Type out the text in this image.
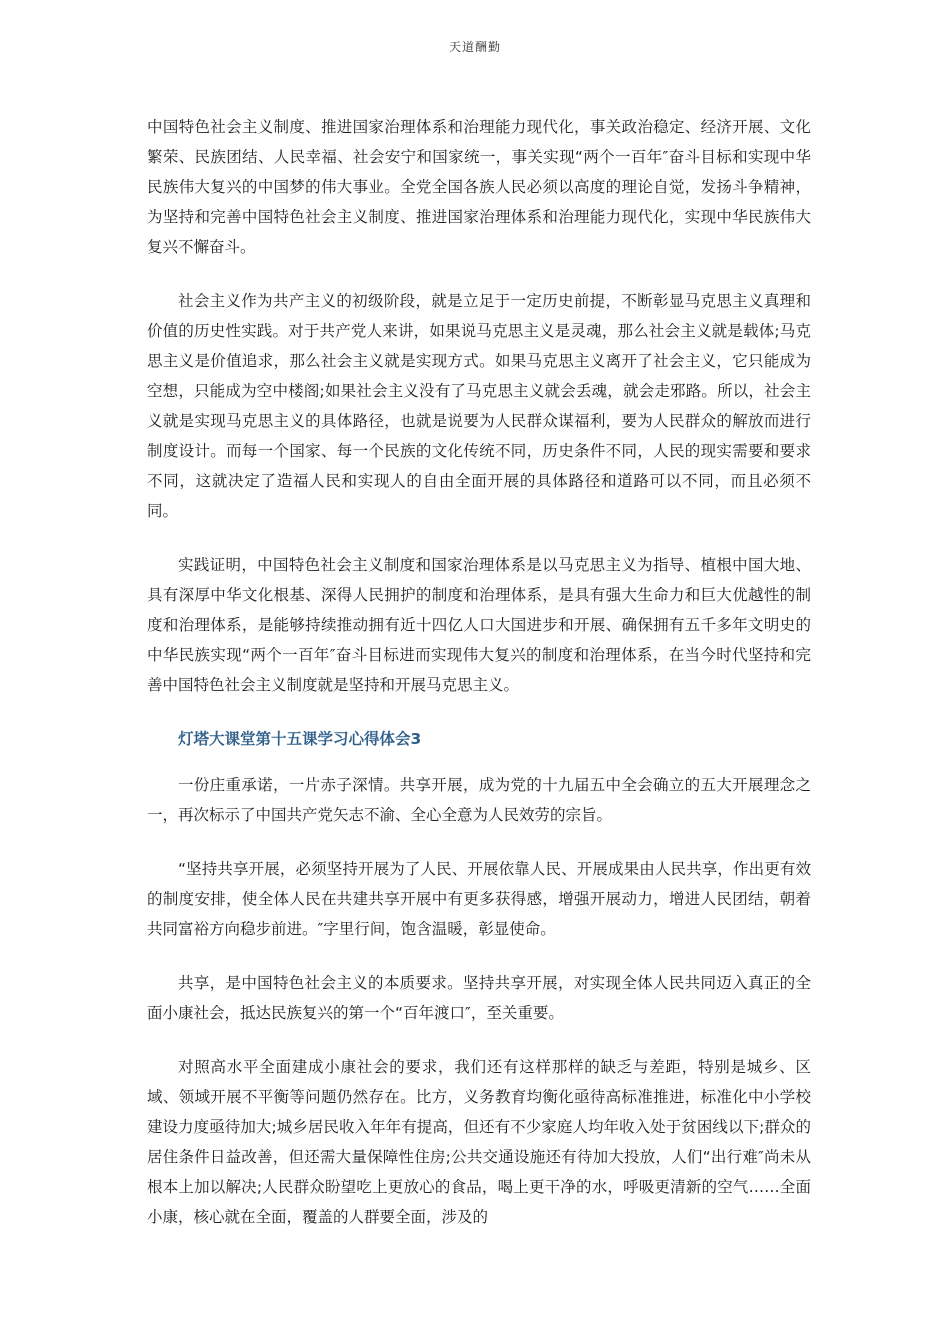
天道酬勤

中国特色社会主义制度、推进国家治理体系和治理能力现代化，事关政治稳定、经济开展、文化繁荣、民族团结、人民幸福、社会安宁和国家统一，事关实现“两个一百年″奋斗目标和实现中华民族伟大复兴的中国梦的伟大事业。全党全国各族人民必须以高度的理论自觉，发扬斗争精神，为坚持和完善中国特色社会主义制度、推进国家治理体系和治理能力现代化，实现中华民族伟大复兴不懈奋斗。

社会主义作为共产主义的初级阶段，就是立足于一定历史前提，不断彰显马克思主义真理和价值的历史性实践。对于共产党人来讲，如果说马克思主义是灵魂，那么社会主义就是载体;马克思主义是价值追求，那么社会主义就是实现方式。如果马克思主义离开了社会主义，它只能成为空想，只能成为空中楼阁;如果社会主义没有了马克思主义就会丢魂，就会走邪路。所以，社会主义就是实现马克思主义的具体路径，也就是说要为人民群众谋福利，要为人民群众的解放而进行制度设计。而每一个国家、每一个民族的文化传统不同，历史条件不同，人民的现实需要和要求不同，这就决定了造福人民和实现人的自由全面开展的具体路径和道路可以不同，而且必须不同。

实践证明，中国特色社会主义制度和国家治理体系是以马克思主义为指导、植根中国大地、具有深厚中华文化根基、深得人民拥护的制度和治理体系，是具有强大生命力和巨大优越性的制度和治理体系，是能够持续推动拥有近十四亿人口大国进步和开展、确保拥有五千多年文明史的中华民族实现“两个一百年″奋斗目标进而实现伟大复兴的制度和治理体系，在当今时代坚持和完善中国特色社会主义制度就是坚持和开展马克思主义。

灯塔大课堂第十五课学习心得体会3

一份庄重承诺，一片赤子深情。共享开展，成为党的十九届五中全会确立的五大开展理念之一，再次标示了中国共产党矢志不渝、全心全意为人民效劳的宗旨。

“坚持共享开展，必须坚持开展为了人民、开展依靠人民、开展成果由人民共享，作出更有效的制度安排，使全体人民在共建共享开展中有更多获得感，增强开展动力，增进人民团结，朝着共同富裕方向稳步前进。″字里行间，饱含温暖，彰显使命。

共享，是中国特色社会主义的本质要求。坚持共享开展，对实现全体人民共同迈入真正的全面小康社会，抵达民族复兴的第一个“百年渡口″，至关重要。

对照高水平全面建成小康社会的要求，我们还有这样那样的缺乏与差距，特别是城乡、区域、领域开展不平衡等问题仍然存在。比方，义务教育均衡化亟待高标准推进，标准化中小学校建设力度亟待加大;城乡居民收入年年有提高，但还有不少家庭人均年收入处于贫困线以下;群众的居住条件日益改善，但还需大量保障性住房;公共交通设施还有待加大投放，人们“出行难″尚未从根本上加以解决;人民群众盼望吃上更放心的食品，喝上更干净的水，呼吸更清新的空气……全面小康，核心就在全面，覆盖的人群要全面，涉及的
